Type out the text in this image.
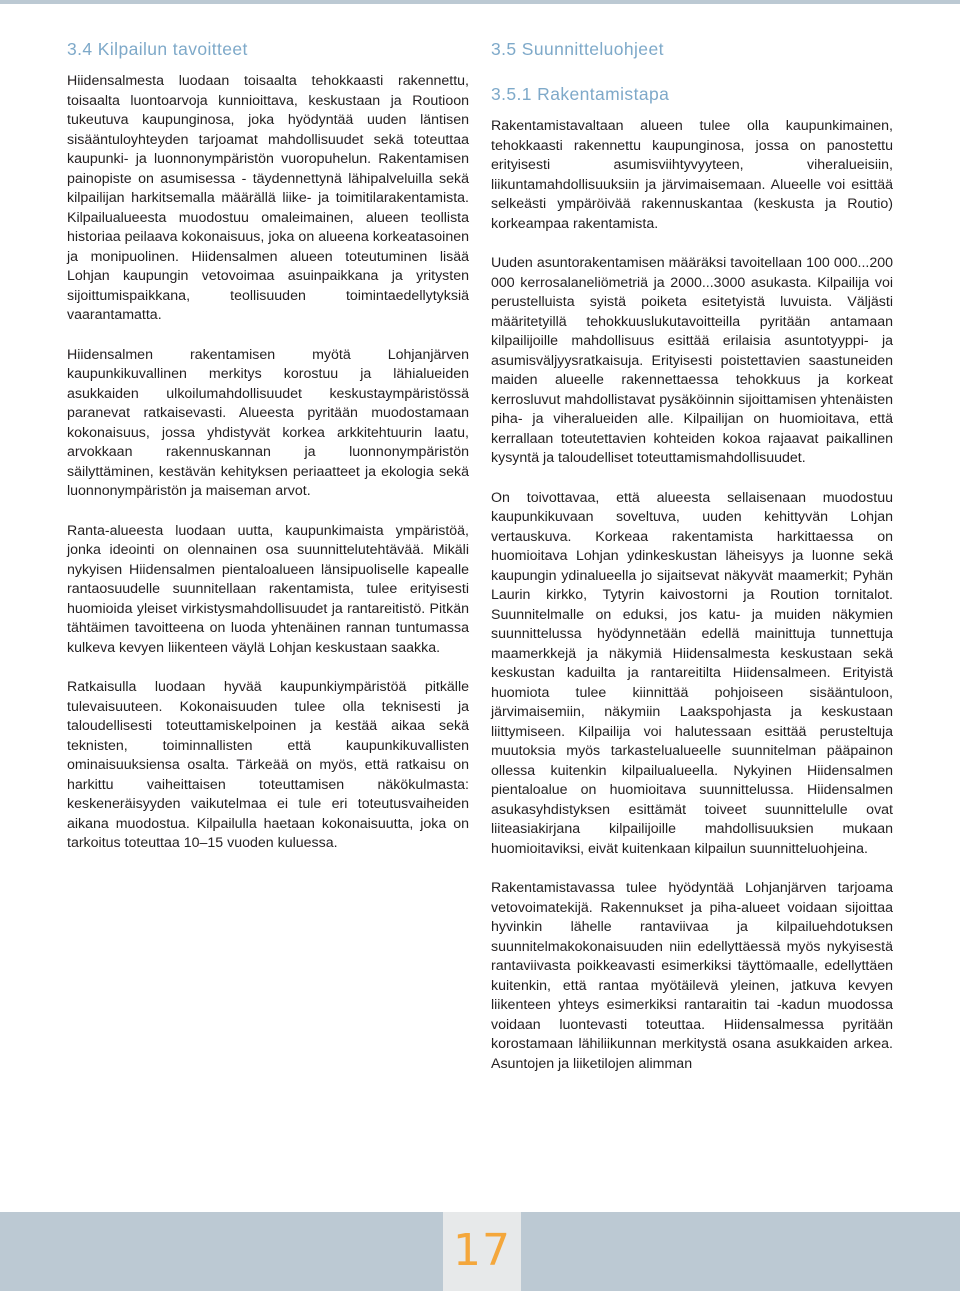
3.4 Kilpailun tavoitteet

Hiidensalmesta luodaan toisaalta tehokkaasti rakennettu, toisaalta luontoarvoja kunnioittava, keskustaan ja Routioon tukeutuva kaupunginosa, joka hyödyntää uuden läntisen sisääntuloyhteyden tarjoamat mahdollisuudet sekä toteuttaa kaupunki- ja luonnonympäristön vuoropuhelun. Rakentamisen painopiste on asumisessa - täydennettynä lähipalveluilla sekä kilpailijan harkitsemalla määrällä liike- ja toimitilarakentamista. Kilpailualueesta muodostuu omaleimainen, alueen teollista historiaa peilaava kokonaisuus, joka on alueena korkeatasoinen ja monipuolinen. Hiidensalmen alueen toteutuminen lisää Lohjan kaupungin vetovoimaa asuinpaikkana ja yritysten sijoittumispaikkana, teollisuuden toimintaedellytyksiä vaarantamatta.

Hiidensalmen rakentamisen myötä Lohjanjärven kaupunkikuvallinen merkitys korostuu ja lähialueiden asukkaiden ulkoilumahdollisuudet keskustaympäristössä paranevat ratkaisevasti. Alueesta pyritään muodostamaan kokonaisuus, jossa yhdistyvät korkea arkkitehtuurin laatu, arvokkaan rakennuskannan ja luonnonympäristön säilyttäminen, kestävän kehityksen periaatteet ja ekologia sekä luonnonympäristön ja maiseman arvot.

Ranta-alueesta luodaan uutta, kaupunkimaista ympäristöä, jonka ideointi on olennainen osa suunnittelutehtävää. Mikäli nykyisen Hiidensalmen pientaloalueen länsipuoliselle kapealle rantaosuudelle suunnitellaan rakentamista, tulee erityisesti huomioida yleiset virkistysmahdollisuudet ja rantareitistö. Pitkän tähtäimen tavoitteena on luoda yhtenäinen rannan tuntumassa kulkeva kevyen liikenteen väylä Lohjan keskustaan saakka.

Ratkaisulla luodaan hyvää kaupunkiympäristöä pitkälle tulevaisuuteen. Kokonaisuuden tulee olla teknisesti ja taloudellisesti toteuttamiskelpoinen ja kestää aikaa sekä teknisten, toiminnallisten että kaupunkikuvallisten ominaisuuksiensa osalta. Tärkeää on myös, että ratkaisu on harkittu vaiheittaisen toteuttamisen näkökulmasta: keskeneräisyyden vaikutelmaa ei tule eri toteutusvaiheiden aikana muodostua. Kilpailulla haetaan kokonaisuutta, joka on tarkoitus toteuttaa 10–15 vuoden kuluessa.

3.5 Suunnitteluohjeet
3.5.1 Rakentamistapa

Rakentamistavaltaan alueen tulee olla kaupunkimainen, tehokkaasti rakennettu kaupunginosa, jossa on panostettu erityisesti asumisviihtyvyyteen, viheralueisiin, liikuntamahdollisuuksiin ja järvimaisemaan. Alueelle voi esittää selkeästi ympäröivää rakennuskantaa (keskusta ja Routio) korkeampaa rakentamista.

Uuden asuntorakentamisen määräksi tavoitellaan 100 000...200 000 kerrosalaneliömetriä ja 2000...3000 asukasta. Kilpailija voi perustelluista syistä poiketa esitetyistä luvuista. Väljästi määritetyillä tehokkuuslukutavoitteilla pyritään antamaan kilpailijoille mahdollisuus esittää erilaisia asuntotyyppi- ja asumisväljyysratkaisuja. Erityisesti poistettavien saastuneiden maiden alueelle rakennettaessa tehokkuus ja korkeat kerrosluvut mahdollistavat pysäköinnin sijoittamisen yhtenäisten piha- ja viheralueiden alle. Kilpailijan on huomioitava, että kerrallaan toteutettavien kohteiden kokoa rajaavat paikallinen kysyntä ja taloudelliset toteuttamismahdollisuudet.

On toivottavaa, että alueesta sellaisenaan muodostuu kaupunkikuvaan soveltuva, uuden kehittyvän Lohjan vertauskuva. Korkeaa rakentamista harkittaessa on huomioitava Lohjan ydinkeskustan läheisyys ja luonne sekä kaupungin ydinalueella jo sijaitsevat näkyvät maamerkit; Pyhän Laurin kirkko, Tytyrin kaivostorni ja Roution tornitalot. Suunnitelmalle on eduksi, jos katu- ja muiden näkymien suunnittelussa hyödynnetään edellä mainittuja tunnettuja maamerkkejä ja näkymiä Hiidensalmesta keskustaan sekä keskustan kaduilta ja rantareitilta Hiidensalmeen. Erityistä huomiota tulee kiinnittää pohjoiseen sisääntuloon, järvimaisemiin, näkymiin Laakspohjasta ja keskustaan liittymiseen. Kilpailija voi halutessaan esittää perusteltuja muutoksia myös tarkastelualueelle suunnitelman pääpainon ollessa kuitenkin kilpailualueella. Nykyinen Hiidensalmen pientaloalue on huomioitava suunnittelussa. Hiidensalmen asukasyhdistyksen esittämät toiveet suunnittelulle ovat liiteasiakirjana kilpailijoille mahdollisuuksien mukaan huomioitaviksi, eivät kuitenkaan kilpailun suunnitteluohjeina.

Rakentamistavassa tulee hyödyntää Lohjanjärven tarjoama vetovoimatekijä. Rakennukset ja piha-alueet voidaan sijoittaa hyvinkin lähelle rantaviivaa ja kilpailuehdotuksen suunnitelmakokonaisuuden niin edellyttäessä myös nykyisestä rantaviivasta poikkeavasti esimerkiksi täyttömaalle, edellyttäen kuitenkin, että rantaa myötäilevä yleinen, jatkuva kevyen liikenteen yhteys esimerkiksi rantaraitin tai -kadun muodossa voidaan luontevasti toteuttaa. Hiidensalmessa pyritään korostamaan lähiliikunnan merkitystä osana asukkaiden arkea. Asuntojen ja liiketilojen alimman

17
